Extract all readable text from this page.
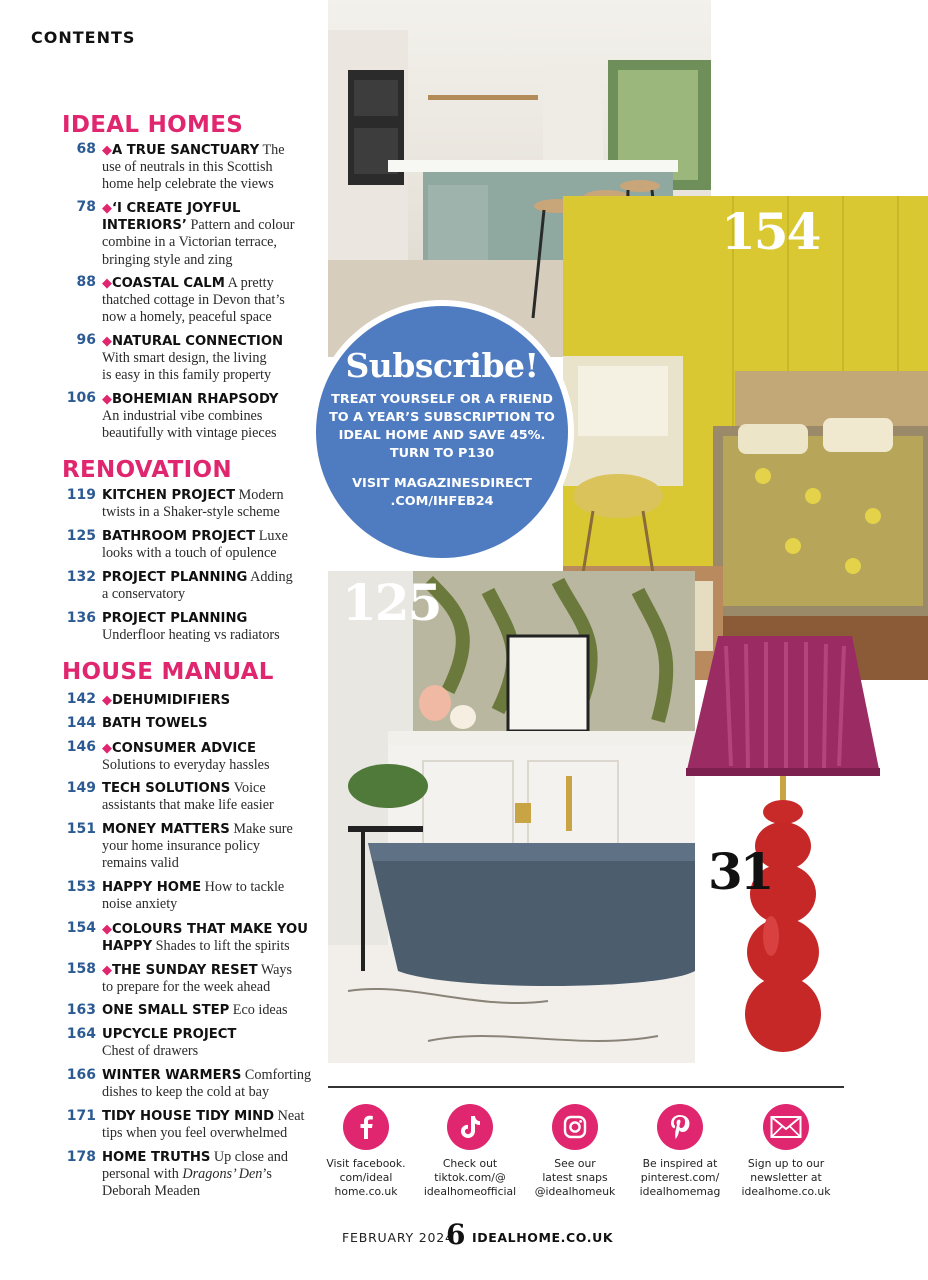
CONTENTS
IDEAL HOMES
68 ◆A TRUE SANCTUARY The
use of neutrals in this Scottish
home help celebrate the views
78 ◆‘I CREATE JOYFUL
INTERIORS’ Pattern and colour
combine in a Victorian terrace,
bringing style and zing
88 ◆COASTAL CALM A pretty
thatched cottage in Devon that’s
now a homely, peaceful space
96 ◆NATURAL CONNECTION
With smart design, the living
is easy in this family property
106 ◆BOHEMIAN RHAPSODY
An industrial vibe combines
beautifully with vintage pieces
RENOVATION
119 KITCHEN PROJECT Modern
twists in a Shaker-style scheme
125 BATHROOM PROJECT Luxe
looks with a touch of opulence
132 PROJECT PLANNING Adding
a conservatory
136 PROJECT PLANNING
Underfloor heating vs radiators
HOUSE MANUAL
142 ◆DEHUMIDIFIERS
144 BATH TOWELS
146 ◆CONSUMER ADVICE
Solutions to everyday hassles
149 TECH SOLUTIONS Voice
assistants that make life easier
151 MONEY MATTERS Make sure
your home insurance policy
remains valid
153 HAPPY HOME How to tackle
noise anxiety
154 ◆COLOURS THAT MAKE YOU
HAPPY Shades to lift the spirits
158 ◆THE SUNDAY RESET Ways
to prepare for the week ahead
163 ONE SMALL STEP Eco ideas
164 UPCYCLE PROJECT
Chest of drawers
166 WINTER WARMERS Comforting
dishes to keep the cold at bay
171 TIDY HOUSE TIDY MIND Neat
tips when you feel overwhelmed
178 HOME TRUTHS Up close and
personal with Dragons’ Den’s
Deborah Meaden
154
125
31
Subscribe!
TREAT YOURSELF OR A FRIEND
TO A YEAR’S SUBSCRIPTION TO
IDEAL HOME AND SAVE 45%.
TURN TO P130
VISIT MAGAZINESDIRECT
.COM/IHFEB24
Visit facebook.
com/ideal
home.co.uk
Check out
tiktok.com/@
idealhomeofficial
See our
latest snaps
@idealhomeuk
Be inspired at
pinterest.com/
idealhomemag
Sign up to our
newsletter at
idealhome.co.uk
FEBRUARY 2024
6 IDEALHOME.CO.UK
